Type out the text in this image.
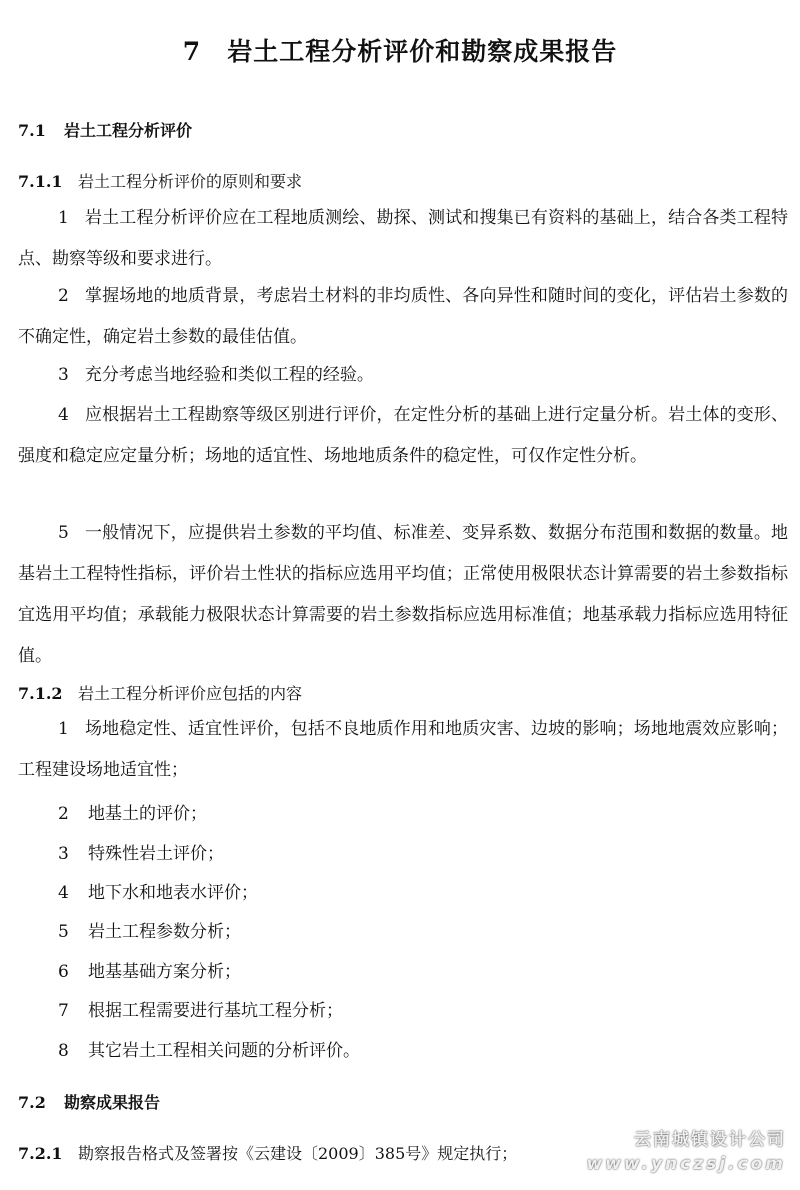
7 岩土工程分析评价和勘察成果报告
7.1 岩土工程分析评价
7.1.1 岩土工程分析评价的原则和要求
1 岩土工程分析评价应在工程地质测绘、勘探、测试和搜集已有资料的基础上，结合各类工程特点、勘察等级和要求进行。
2 掌握场地的地质背景，考虑岩土材料的非均质性、各向异性和随时间的变化，评估岩土参数的不确定性，确定岩土参数的最佳估值。
3 充分考虑当地经验和类似工程的经验。
4 应根据岩土工程勘察等级区别进行评价，在定性分析的基础上进行定量分析。岩土体的变形、强度和稳定应定量分析；场地的适宜性、场地地质条件的稳定性，可仅作定性分析。
5 一般情况下，应提供岩土参数的平均值、标准差、变异系数、数据分布范围和数据的数量。地基岩土工程特性指标，评价岩土性状的指标应选用平均值；正常使用极限状态计算需要的岩土参数指标宜选用平均值；承载能力极限状态计算需要的岩土参数指标应选用标准值；地基承载力指标应选用特征值。
7.1.2 岩土工程分析评价应包括的内容
1 场地稳定性、适宜性评价，包括不良地质作用和地质灾害、边坡的影响；场地地震效应影响；工程建设场地适宜性；
2 地基土的评价；
3 特殊性岩土评价；
4 地下水和地表水评价；
5 岩土工程参数分析；
6 地基基础方案分析；
7 根据工程需要进行基坑工程分析；
8 其它岩土工程相关问题的分析评价。
7.2 勘察成果报告
7.2.1 勘察报告格式及签署按《云建设〔2009〕385号》规定执行；
云南城镇设计公司
www.ynczsj.com
